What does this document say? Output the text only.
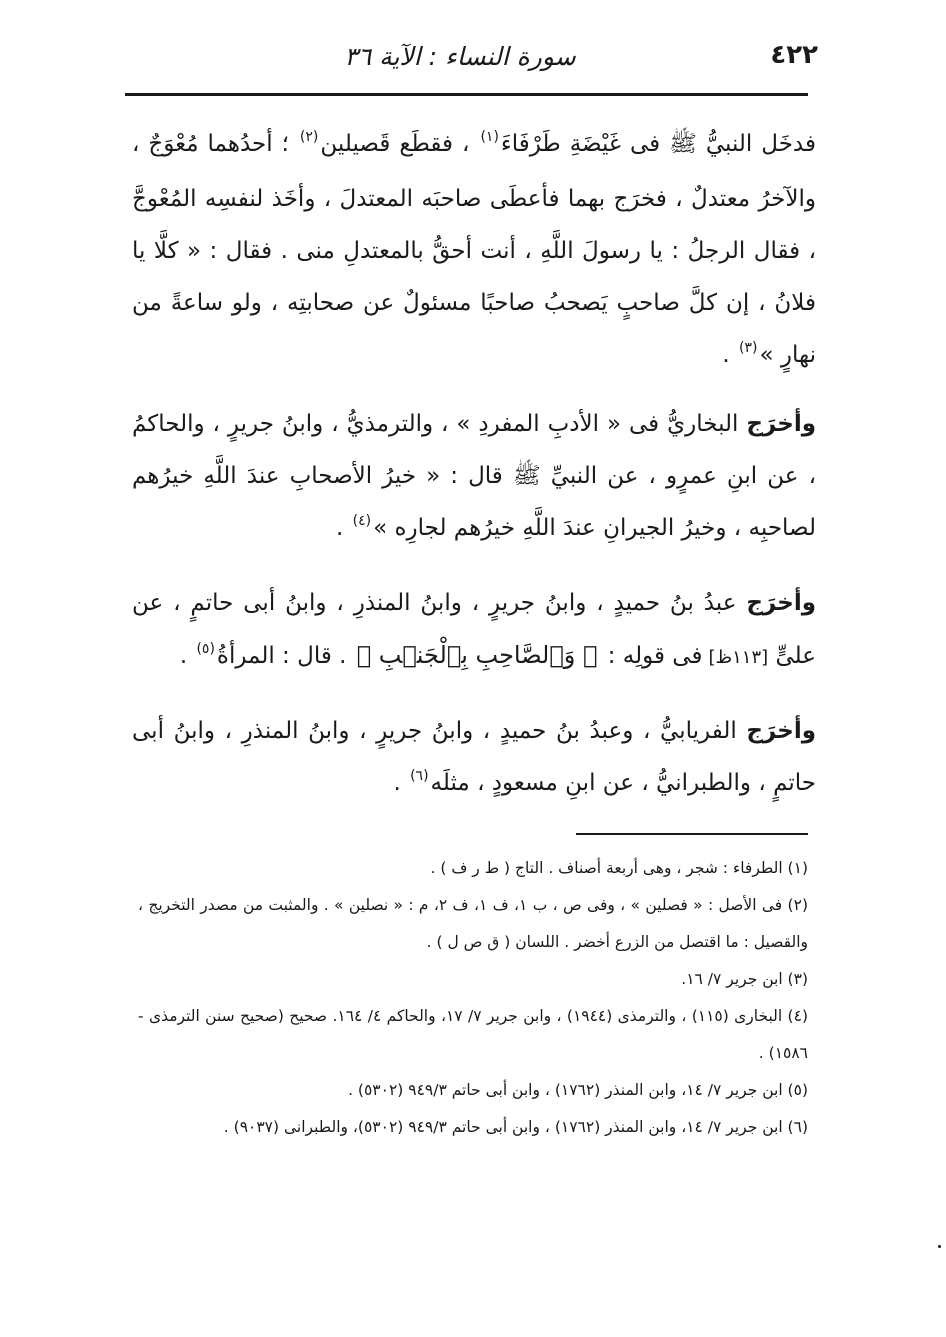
٤٢٢
سورة النساء : الآية ٣٦

فدخَل النبيُّ ﷺ فى غَيْضَةِ طَرْفَاءَ$^{(١)}$ ، فقطَع قَصيلين$^{(٢)}$ ؛ أحدُهما مُعْوَجٌ ، والآخرُ معتدلٌ ، فخرَج بهما فأعطَى صاحبَه المعتدلَ ، وأخَذ لنفسِه المُعْوجَّ ، فقال الرجلُ : يا رسولَ اللَّهِ ، أنت أحقُّ بالمعتدلِ منى . فقال : « كلَّا يا فلانُ ، إن كلَّ صاحبٍ يَصحبُ صاحبًا مسئولٌ عن صحابتِه ، ولو ساعةً من نهارٍ »$^{(٣)}$ .

وأخرَج البخاريُّ فى « الأدبِ المفردِ » ، والترمذيُّ ، وابنُ جريرٍ ، والحاكمُ ، عن ابنِ عمرٍو ، عن النبيِّ ﷺ قال : « خيرُ الأصحابِ عندَ اللَّهِ خيرُهم لصاحبِه ، وخيرُ الجيرانِ عندَ اللَّهِ خيرُهم لجارِه »$^{(٤)}$ .

وأخرَج عبدُ بنُ حميدٍ ، وابنُ جريرٍ ، وابنُ المنذرِ ، وابنُ أبى حاتمٍ ، عن علىٍّ [١١٣ظ]فى قولِه : ﴿ وَٱلصَّاحِبِ بِٱلْجَنۢبِ ﴾ . قال : المرأةُ$^{(٥)}$ .

وأخرَج الفريابيُّ ، وعبدُ بنُ حميدٍ ، وابنُ جريرٍ ، وابنُ المنذرِ ، وابنُ أبى حاتمٍ ، والطبرانيُّ ، عن ابنِ مسعودٍ ، مثلَه$^{(٦)}$ .

(١) الطرفاء : شجر ، وهى أربعة أصناف . التاج ( ط ر ف ) .

(٢) فى الأصل : « فصلين » ، وفى ص ، ب ١، ف ١، ف ٢، م : « نصلين » . والمثبت من مصدر التخريج ، والقصيل : ما اقتصل من الزرع أخضر . اللسان ( ق ص ل ) .

(٣) ابن جرير ٧/ ١٦.

(٤) البخارى (١١٥) ، والترمذى (١٩٤٤) ، وابن جرير ٧/ ١٧، والحاكم ٤/ ١٦٤. صحيح (صحيح سنن الترمذى - ١٥٨٦) .

(٥) ابن جرير ٧/ ١٤، وابن المنذر (١٧٦٢) ، وابن أبى حاتم ٩٤٩/٣ (٥٣٠٢) .

(٦) ابن جرير ٧/ ١٤، وابن المنذر (١٧٦٢) ، وابن أبى حاتم ٩٤٩/٣ (٥٣٠٢)، والطبرانى (٩٠٣٧) .
